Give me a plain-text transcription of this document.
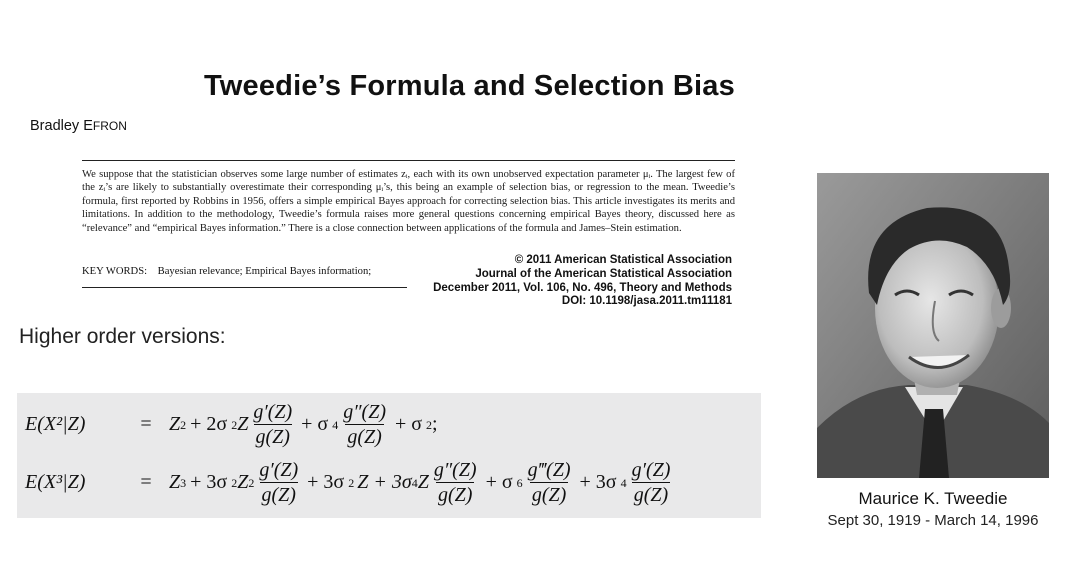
Tweedie’s Formula and Selection Bias
Bradley EFRON
We suppose that the statistician observes some large number of estimates zᵢ, each with its own unobserved expectation parameter μᵢ. The largest few of the zᵢ’s are likely to substantially overestimate their corresponding μᵢ’s, this being an example of selection bias, or regression to the mean. Tweedie’s formula, first reported by Robbins in 1956, offers a simple empirical Bayes approach for correcting selection bias. This article investigates its merits and limitations. In addition to the methodology, Tweedie’s formula raises more general questions concerning empirical Bayes theory, discussed here as “relevance” and “empirical Bayes information.” There is a close connection between applications of the formula and James–Stein estimation.
KEY WORDS: Bayesian relevance; Empirical Bayes information;
© 2011 American Statistical Association
Journal of the American Statistical Association
December 2011, Vol. 106, No. 496, Theory and Methods
DOI: 10.1198/jasa.2011.tm11181
Higher order versions:
E(X²|Z)	= Z 2 + 2σ 2 Z $\frac{g'(Z)}{g(Z)} + \sigma$ $4 \frac{g''(Z)}{g(Z)} + \sigma$ 2 ;
E(X³|Z)	= Z 3 + 3σ 2 Z $2 \frac{g'(Z)}{g(Z)} + 3\sigma$ 2 Z + 3σ 4 Z $\frac{g''(Z)}{g(Z)} + \sigma$ $6 \frac{g‴(Z)}{g(Z)} + 3\sigma$ $4 \frac{g'(Z)}{g(Z)}$	Maurice K. Tweedie
Sept 30, 1919 - March 14, 1996
